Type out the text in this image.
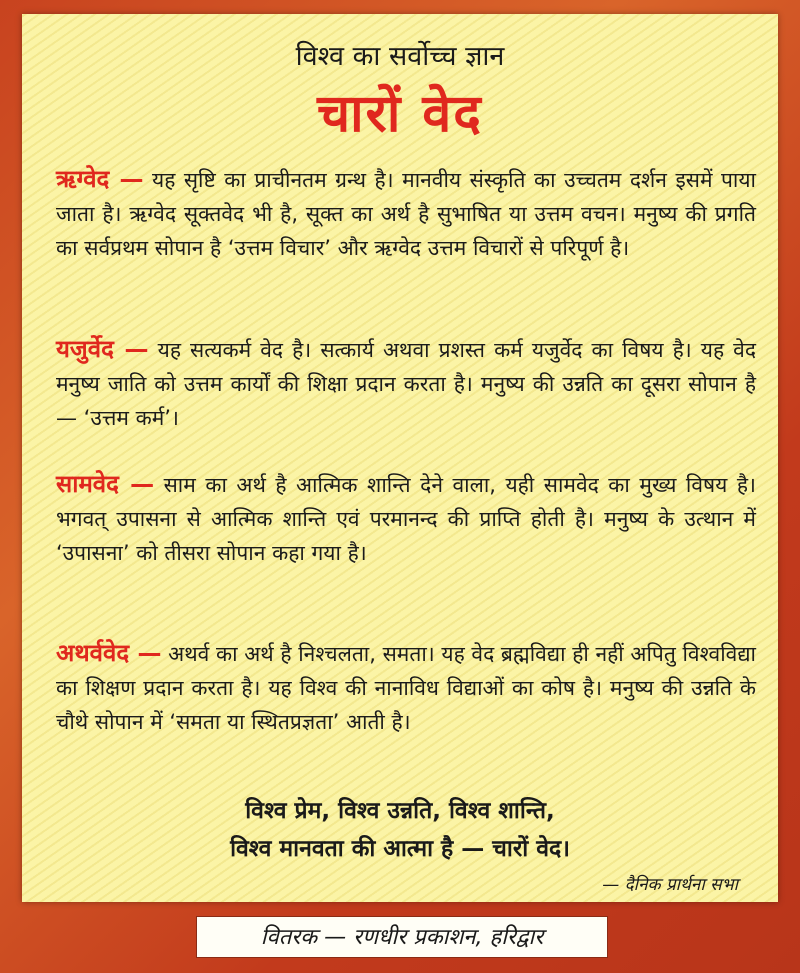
विश्व का सर्वोच्च ज्ञान
चारों वेद
ऋग्वेद — यह सृष्टि का प्राचीनतम ग्रन्थ है। मानवीय संस्कृति का उच्चतम दर्शन इसमें पाया जाता है। ऋग्वेद सूक्तवेद भी है, सूक्त का अर्थ है सुभाषित या उत्तम वचन। मनुष्य की प्रगति का सर्वप्रथम सोपान है ‘उत्तम विचार’ और ऋग्वेद उत्तम विचारों से परिपूर्ण है।
यजुर्वेद — यह सत्यकर्म वेद है। सत्कार्य अथवा प्रशस्त कर्म यजुर्वेद का विषय है। यह वेद मनुष्य जाति को उत्तम कार्यों की शिक्षा प्रदान करता है। मनुष्य की उन्नति का दूसरा सोपान है — ‘उत्तम कर्म’।
सामवेद — साम का अर्थ है आत्मिक शान्ति देने वाला, यही सामवेद का मुख्य विषय है। भगवत् उपासना से आत्मिक शान्ति एवं परमानन्द की प्राप्ति होती है। मनुष्य के उत्थान में ‘उपासना’ को तीसरा सोपान कहा गया है।
अथर्ववेद — अथर्व का अर्थ है निश्चलता, समता। यह वेद ब्रह्मविद्या ही नहीं अपितु विश्वविद्या का शिक्षण प्रदान करता है। यह विश्व की नानाविध विद्याओं का कोष है। मनुष्य की उन्नति के चौथे सोपान में ‘समता या स्थितप्रज्ञता’ आती है।
विश्व प्रेम, विश्व उन्नति, विश्व शान्ति,
विश्व मानवता की आत्मा है — चारों वेद।
— दैनिक प्रार्थना सभा
वितरक — रणधीर प्रकाशन, हरिद्वार
